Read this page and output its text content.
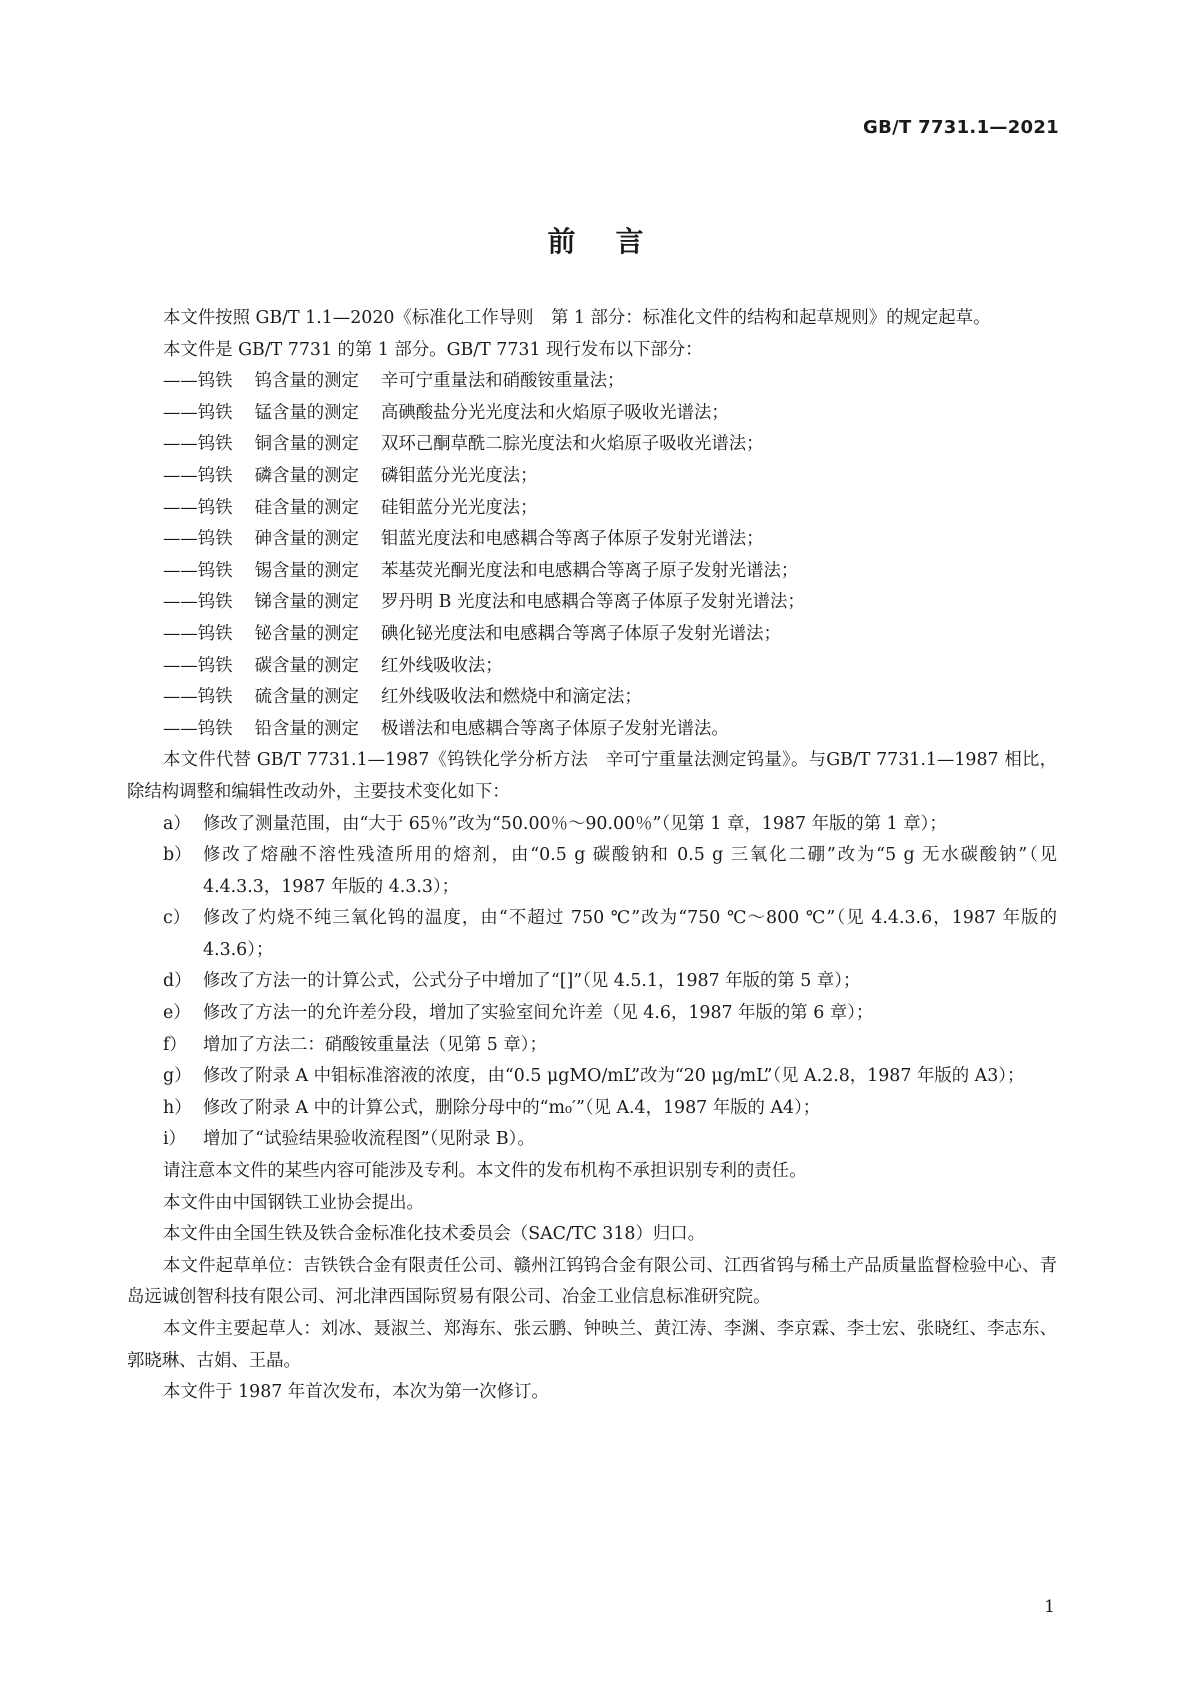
GB/T 7731.1—2021
前言

本文件按照 GB/T 1.1—2020《标准化工作导则　第 1 部分：标准化文件的结构和起草规则》的规定起草。

本文件是 GB/T 7731 的第 1 部分。GB/T 7731 现行发布以下部分：

——钨铁 钨含量的测定 辛可宁重量法和硝酸铵重量法；

——钨铁 锰含量的测定 高碘酸盐分光光度法和火焰原子吸收光谱法；

——钨铁 铜含量的测定 双环己酮草酰二腙光度法和火焰原子吸收光谱法；

——钨铁 磷含量的测定 磷钼蓝分光光度法；

——钨铁 硅含量的测定 硅钼蓝分光光度法；

——钨铁 砷含量的测定 钼蓝光度法和电感耦合等离子体原子发射光谱法；

——钨铁 锡含量的测定 苯基荧光酮光度法和电感耦合等离子原子发射光谱法；

——钨铁 锑含量的测定 罗丹明 B 光度法和电感耦合等离子体原子发射光谱法；

——钨铁 铋含量的测定 碘化铋光度法和电感耦合等离子体原子发射光谱法；

——钨铁 碳含量的测定 红外线吸收法；

——钨铁 硫含量的测定 红外线吸收法和燃烧中和滴定法；

——钨铁 铅含量的测定 极谱法和电感耦合等离子体原子发射光谱法。

本文件代替 GB/T 7731.1—1987《钨铁化学分析方法　辛可宁重量法测定钨量》。与GB/T 7731.1—1987 相比，除结构调整和编辑性改动外，主要技术变化如下：

a） 修改了测量范围，由“大于 65％”改为“50.00％～90.00％”（见第 1 章，1987 年版的第 1 章）；
b） 修改了熔融不溶性残渣所用的熔剂，由“0.5 g 碳酸钠和 0.5 g 三氧化二硼”改为“5 g 无水碳酸钠”（见 4.4.3.3，1987 年版的 4.3.3）；
c） 修改了灼烧不纯三氧化钨的温度，由“不超过 750 ℃”改为“750 ℃～800 ℃”（见 4.4.3.6，1987 年版的 4.3.6）；
d） 修改了方法一的计算公式，公式分子中增加了“[]”（见 4.5.1，1987 年版的第 5 章）；
e） 修改了方法一的允许差分段，增加了实验室间允许差（见 4.6，1987 年版的第 6 章）；
f） 增加了方法二：硝酸铵重量法（见第 5 章）；
g） 修改了附录 A 中钼标准溶液的浓度，由“0.5 μgMO/mL”改为“20 μg/mL”（见 A.2.8，1987 年版的 A3）；
h） 修改了附录 A 中的计算公式，删除分母中的“m₀′”（见 A.4，1987 年版的 A4）；
i） 增加了“试验结果验收流程图”（见附录 B）。

请注意本文件的某些内容可能涉及专利。本文件的发布机构不承担识别专利的责任。

本文件由中国钢铁工业协会提出。

本文件由全国生铁及铁合金标准化技术委员会（SAC/TC 318）归口。

本文件起草单位：吉铁铁合金有限责任公司、赣州江钨钨合金有限公司、江西省钨与稀土产品质量监督检验中心、青岛远诚创智科技有限公司、河北津西国际贸易有限公司、冶金工业信息标准研究院。

本文件主要起草人：刘冰、聂淑兰、郑海东、张云鹏、钟映兰、黄江涛、李渊、李京霖、李士宏、张晓红、李志东、郭晓琳、古娟、王晶。

本文件于 1987 年首次发布，本次为第一次修订。

1
